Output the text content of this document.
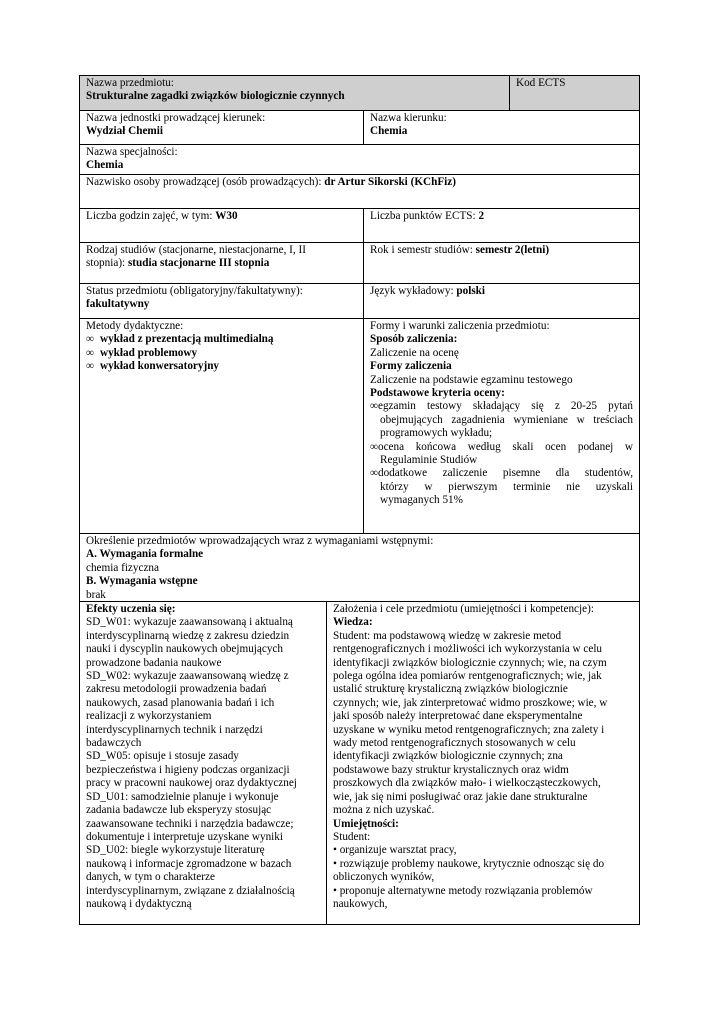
Nazwa przedmiotu:
Strukturalne zagadki związków biologicznie czynnych
Kod ECTS
Nazwa jednostki prowadzącej kierunek:
Wydział Chemii
Nazwa kierunku:
Chemia
Nazwa specjalności:
Chemia
Nazwisko osoby prowadzącej (osób prowadzących): dr Artur Sikorski (KChFiz)
Liczba godzin zajęć, w tym: W30	Liczba punktów ECTS: 2
Rodzaj studiów (stacjonarne, niestacjonarne, I, II
stopnia): studia stacjonarne III stopnia
Rok i semestr studiów: semestr 2(letni)
Status przedmiotu (obligatoryjny/fakultatywny):
fakultatywny
Język wykładowy: polski
Metody dydaktyczne:
∞ wykład z prezentacją multimedialną
∞ wykład problemowy
∞ wykład konwersatoryjny
Formy i warunki zaliczenia przedmiotu:
Sposób zaliczenia:
Zaliczenie na ocenę
Formy zaliczenia
Zaliczenie na podstawie egzaminu testowego
Podstawowe kryteria oceny:
∞egzamin testowy składający się z 20-25 pytań
obejmujących zagadnienia wymieniane w treściach
programowych wykładu;
∞ocena końcowa według skali ocen podanej w
Regulaminie Studiów
∞dodatkowe zaliczenie pisemne dla studentów,
którzy w pierwszym terminie nie uzyskali
wymaganych 51%
Określenie przedmiotów wprowadzających wraz z wymaganiami wstępnymi:
A. Wymagania formalne
chemia fizyczna
B. Wymagania wstępne
brak
Efekty uczenia się:
SD_W01: wykazuje zaawansowaną i aktualną
interdyscyplinarną wiedzę z zakresu dziedzin
nauki i dyscyplin naukowych obejmujących
prowadzone badania naukowe
SD_W02: wykazuje zaawansowaną wiedzę z
zakresu metodologii prowadzenia badań
naukowych, zasad planowania badań i ich
realizacji z wykorzystaniem
interdyscyplinarnych technik i narzędzi
badawczych
SD_W05: opisuje i stosuje zasady
bezpieczeństwa i higieny podczas organizacji
pracy w pracowni naukowej oraz dydaktycznej
SD_U01: samodzielnie planuje i wykonuje
zadania badawcze lub eksperyzy stosując
zaawansowane techniki i narzędzia badawcze;
dokumentuje i interpretuje uzyskane wyniki
SD_U02: biegle wykorzystuje literaturę
naukową i informacje zgromadzone w bazach
danych, w tym o charakterze
interdyscyplinarnym, związane z działalnością
naukową i dydaktyczną
Założenia i cele przedmiotu (umiejętności i kompetencje):
Wiedza:
Student: ma podstawową wiedzę w zakresie metod
rentgenograficznych i możliwości ich wykorzystania w celu
identyfikacji związków biologicznie czynnych; wie, na czym
polega ogólna idea pomiarów rentgenograficznych; wie, jak
ustalić strukturę krystaliczną związków biologicznie
czynnych; wie, jak zinterpretować widmo proszkowe; wie, w
jaki sposób należy interpretować dane eksperymentalne
uzyskane w wyniku metod rentgenograficznych; zna zalety i
wady metod rentgenograficznych stosowanych w celu
identyfikacji związków biologicznie czynnych; zna
podstawowe bazy struktur krystalicznych oraz widm
proszkowych dla związków mało- i wielkocząsteczkowych,
wie, jak się nimi posługiwać oraz jakie dane strukturalne
można z nich uzyskać.
Umiejętności:
Student:
• organizuje warsztat pracy,
• rozwiązuje problemy naukowe, krytycznie odnosząc się do
obliczonych wyników,
• proponuje alternatywne metody rozwiązania problemów
naukowych,
